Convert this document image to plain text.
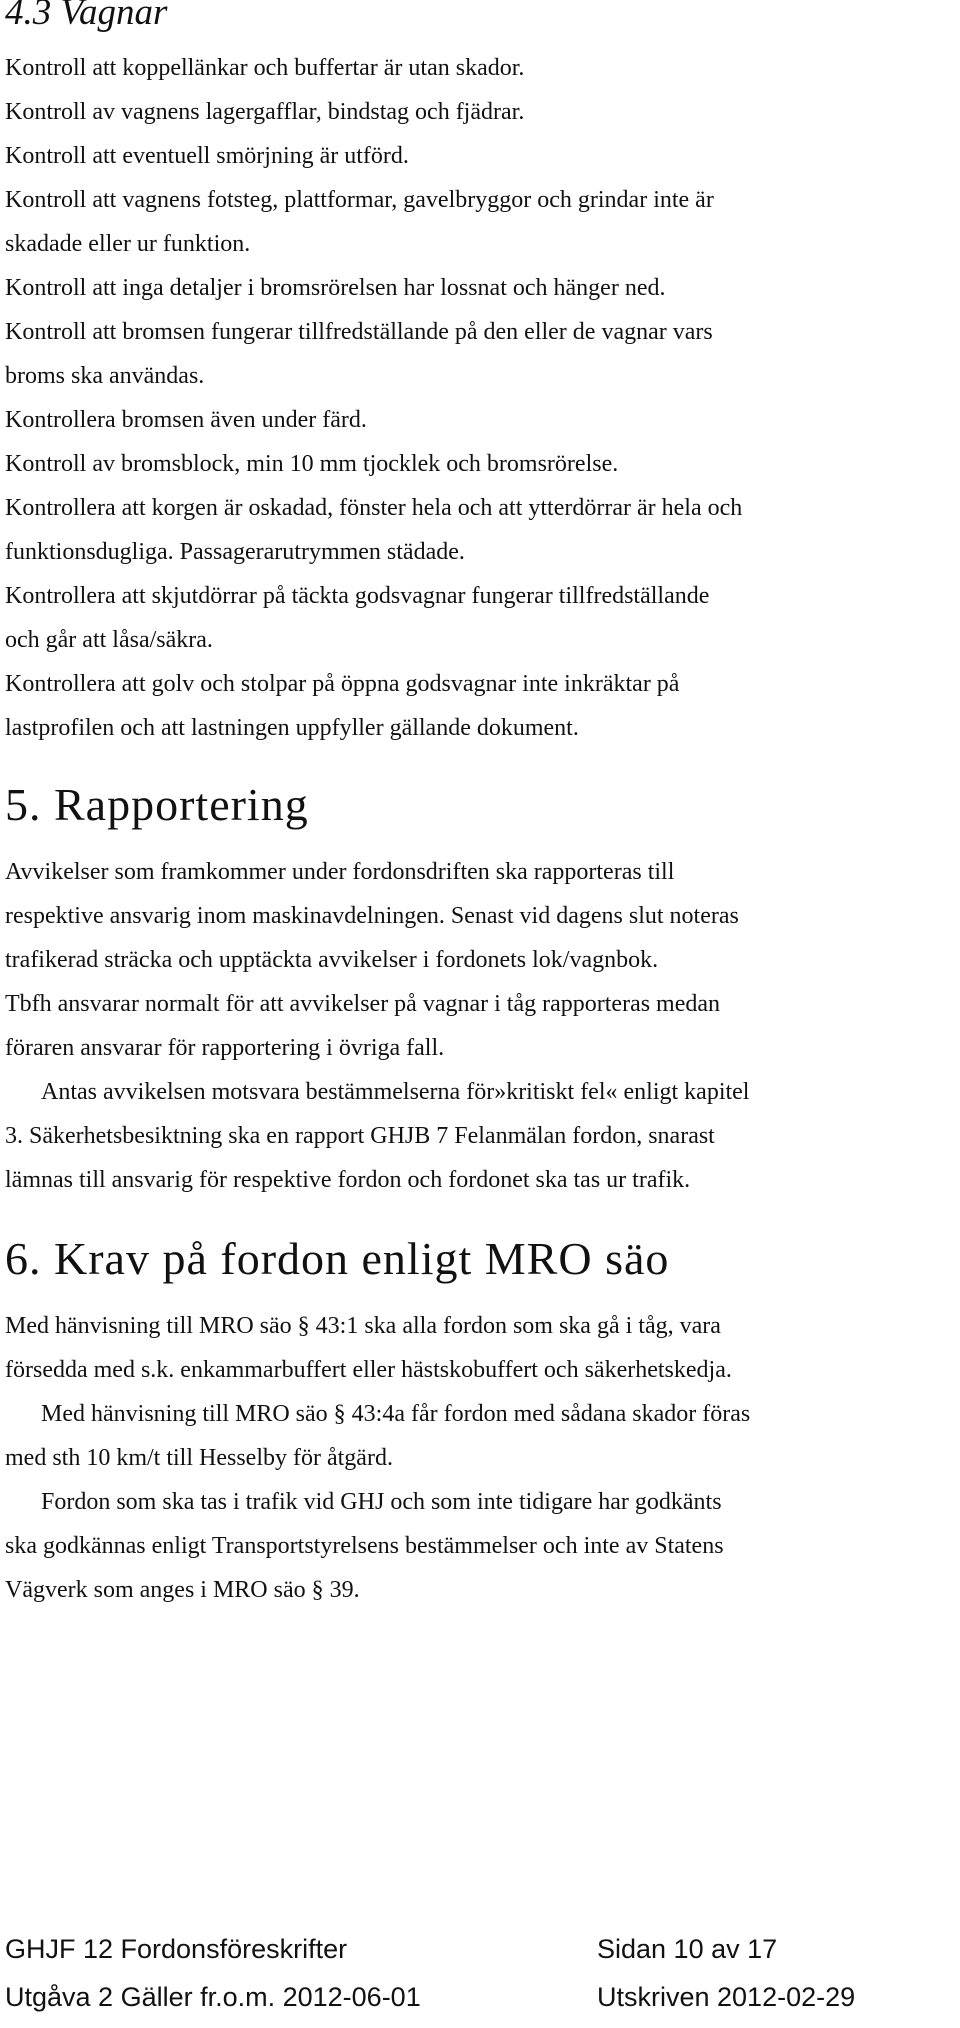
4.3 Vagnar

Kontroll att koppellänkar och buffertar är utan skador.

Kontroll av vagnens lagergafflar, bindstag och fjädrar.

Kontroll att eventuell smörjning är utförd.

Kontroll att vagnens fotsteg, plattformar, gavelbryggor och grindar inte är

skadade eller ur funktion.

Kontroll att inga detaljer i bromsrörelsen har lossnat och hänger ned.

Kontroll att bromsen fungerar tillfredställande på den eller de vagnar vars

broms ska användas.

Kontrollera bromsen även under färd.

Kontroll av bromsblock, min 10 mm tjocklek och bromsrörelse.

Kontrollera att korgen är oskadad, fönster hela och att ytterdörrar är hela och

funktionsdugliga. Passagerarutrymmen städade.

Kontrollera att skjutdörrar på täckta godsvagnar fungerar tillfredställande

och går att låsa/säkra.

Kontrollera att golv och stolpar på öppna godsvagnar inte inkräktar på

lastprofilen och att lastningen uppfyller gällande dokument.

5. Rapportering

Avvikelser som framkommer under fordonsdriften ska rapporteras till

respektive ansvarig inom maskinavdelningen. Senast vid dagens slut noteras

trafikerad sträcka och upptäckta avvikelser i fordonets lok/vagnbok.

Tbfh ansvarar normalt för att avvikelser på vagnar i tåg rapporteras medan

föraren ansvarar för rapportering i övriga fall.

Antas avvikelsen motsvara bestämmelserna för»kritiskt fel« enligt kapitel

3. Säkerhetsbesiktning ska en rapport GHJB 7 Felanmälan fordon, snarast

lämnas till ansvarig för respektive fordon och fordonet ska tas ur trafik.

6. Krav på fordon enligt MRO säo

Med hänvisning till MRO säo § 43:1 ska alla fordon som ska gå i tåg, vara

försedda med s.k. enkammarbuffert eller hästskobuffert och säkerhetskedja.

Med hänvisning till MRO säo § 43:4a får fordon med sådana skador föras

med sth 10 km/t till Hesselby för åtgärd.

Fordon som ska tas i trafik vid GHJ och som inte tidigare har godkänts

ska godkännas enligt Transportstyrelsens bestämmelser och inte av Statens

Vägverk som anges i MRO säo § 39.

GHJF 12 Fordonsföreskrifter	Sidan 10 av 17
Utgåva 2 Gäller fr.o.m. 2012-06-01	Utskriven 2012-02-29
